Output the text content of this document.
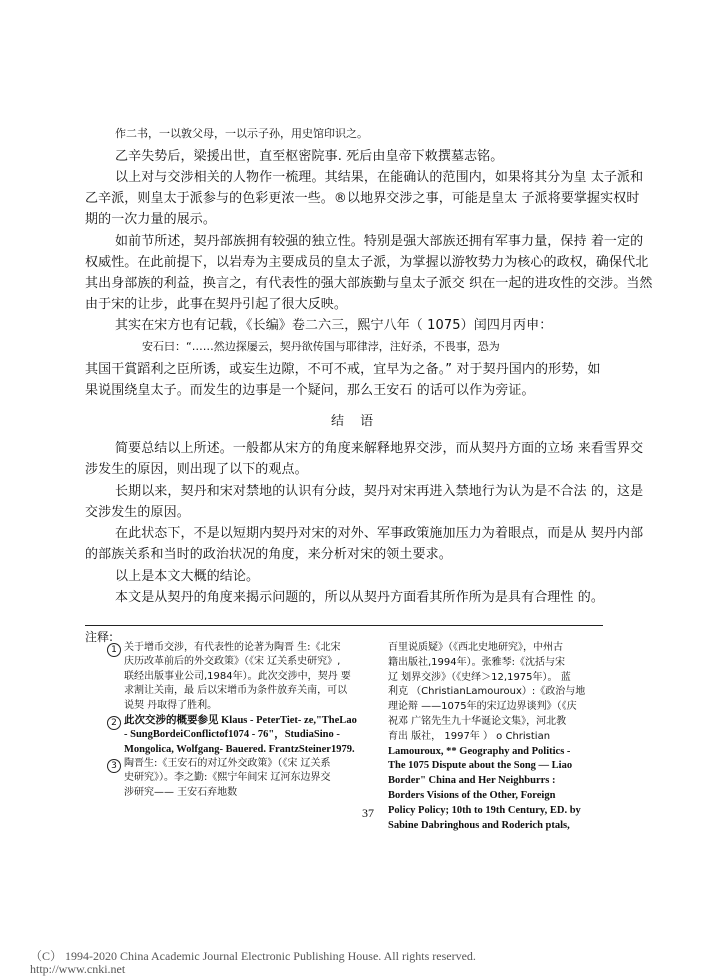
作二书，一以敦父母，一以示子孙，用史馆印识之。
乙辛失势后，梁援出世，直至枢密院事. 死后由皇帝下敕撰墓志铭。
以上对与交涉相关的人物作一梳理。其结果，在能确认的范围内，如果将其分为皇 太子派和
乙辛派，则皇太于派参与的色彩更浓一些。®以地界交涉之事，可能是皇太 子派将要掌握实权时
期的一次力量的展示。
如前节所述，契丹部族拥有较强的独立性。特别是强大部族还拥有军事力量，保持 着一定的
权威性。在此前提下，以岩寿为主要成员的皇太子派，为掌握以游牧势力为核心的政权，确保代北
其出身部族的利益，换言之，有代表性的强大部族勤与皇太子派交 织在一起的进攻性的交涉。当然
由于宋的让步，此事在契丹引起了很大反映。
其实在宋方也有记载，《长编》卷二六三，熙宁八年（ 1075）闰四月丙申：
安石曰：“……然边探屡云，契丹欲传国与耶律浡，注好杀，不畏事，恐为
其国干賞蹈利之臣所诱，或妄生边隙，不可不戒，宜早为之备。” 对于契丹国内的形势，如
果说围绕皇太子。而发生的边事是一个疑问，那么王安石 的话可以作为旁证。
结 语
简要总结以上所述。一般都从宋方的角度来解释地界交涉，而从契丹方面的立场 来看雪界交
涉发生的原因，则出现了以下的观点。
长期以来，契丹和宋对禁地的认识有分歧，契丹对宋再进入禁地行为认为是不合法 的，这是
交涉发生的原因。
在此状态下，不是以短期内契丹对宋的对外、军事政策施加压力为着眼点，而是从 契丹内部
的部族关系和当时的政治状况的角度，来分析对宋的领土要求。
以上是本文大概的结论。
本文是从契丹的角度来揭示问题的，所以从契丹方面看其所作所为是具有合理性 的。
注释:
1 关于增币交涉，有代表性的论著为陶晋 生:《北宋
庆历改革前后的外交政策》（《宋 辽关系史研究》,
联经出版事业公司,1984年）。此次交涉中，契丹 要
求割让关南，最 后以宋增币为条件放弃关南，可以
说契 丹取得了胜利。
2 此次交涉的概要参见 Klaus - PeterTiet- ze,"TheLao
- SungBordeiConflictof1074 - 76"，StudiaSino -
Mongolica, Wolfgang- Bauered. FrantzSteiner1979.
3 陶晋生:《王安石的对辽外交政策》（《宋 辽关系
史研究》）。李之勤:《熙宁年间宋 辽河东边界交
涉研究—— 王安石弃地数
百里说质疑》（《西北史地研究》，中州古
籍出版社,1994年）。张雅琴:《沈括与宋
辽 划界交涉》（《史绎＞12,1975年）。 蓝
利克 （ChristianLamouroux）:《政治与地
理论辩 ——1075年的宋辽边界谈判》（《庆
祝邓 广铭先生九十华诞论文集》，河北教
育出 版社， 1997年 ） o Christian
Lamouroux, ** Geography and Politics -
The 1075 Dispute about the Song — Liao
Border" China and Her Neighburrs :
Borders Visions of the Other, Foreign
Policy Policy; 10th to 19th Century, ED. by
Sabine Dabringhous and Roderich ptals,
37
（C） 1994-2020 China Academic Journal Electronic Publishing House. All rights reserved.
http://www.cnki.net
